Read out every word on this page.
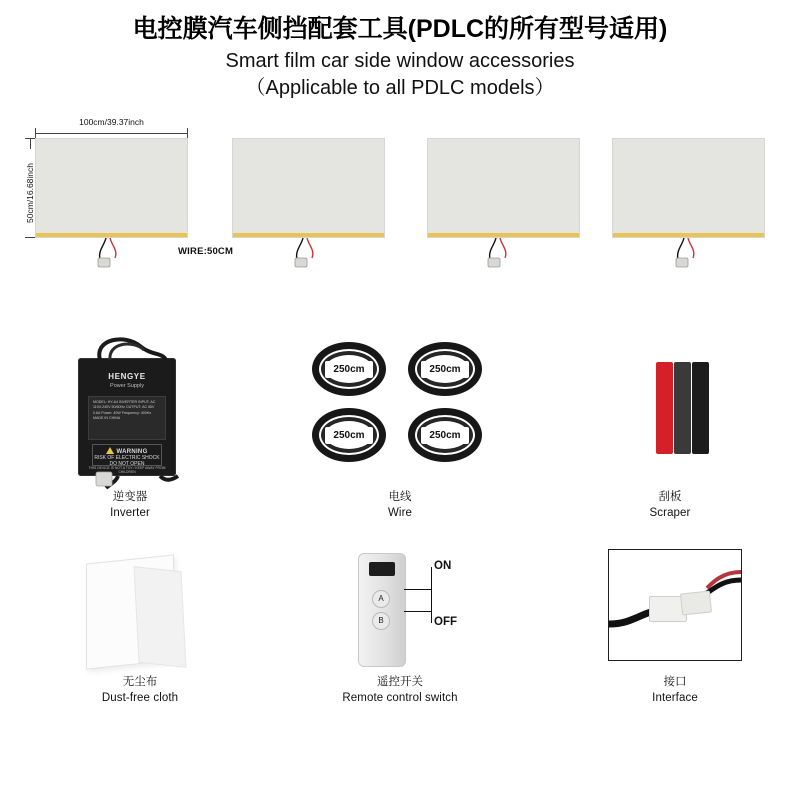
电控膜汽车侧挡配套工具(PDLC的所有型号适用)
Smart film car side window accessories
（Applicable to all PDLC models）
100cm/39.37inch
50cm/16.68inch
WIRE:50CM
HENGYE
Power Supply
MODEL: HY-A4 INVERTER INPUT: AC 110V-240V 50/60Hz OUTPUT: AC 65V 0.6A Power: 40W Frequency: 400Hz MADE IN CHINA
WARNING
RISK OF ELECTRIC SHOCK DO NOT OPEN
THIS DEVICE IS NOT A TOY / KEEP AWAY FROM CHILDREN
逆变器
Inverter
250cm	250cm
250cm	250cm
电线
Wire
刮板
Scraper
无尘布
Dust-free cloth
A
B
ON
OFF
遥控开关
Remote control switch
接口
Interface
